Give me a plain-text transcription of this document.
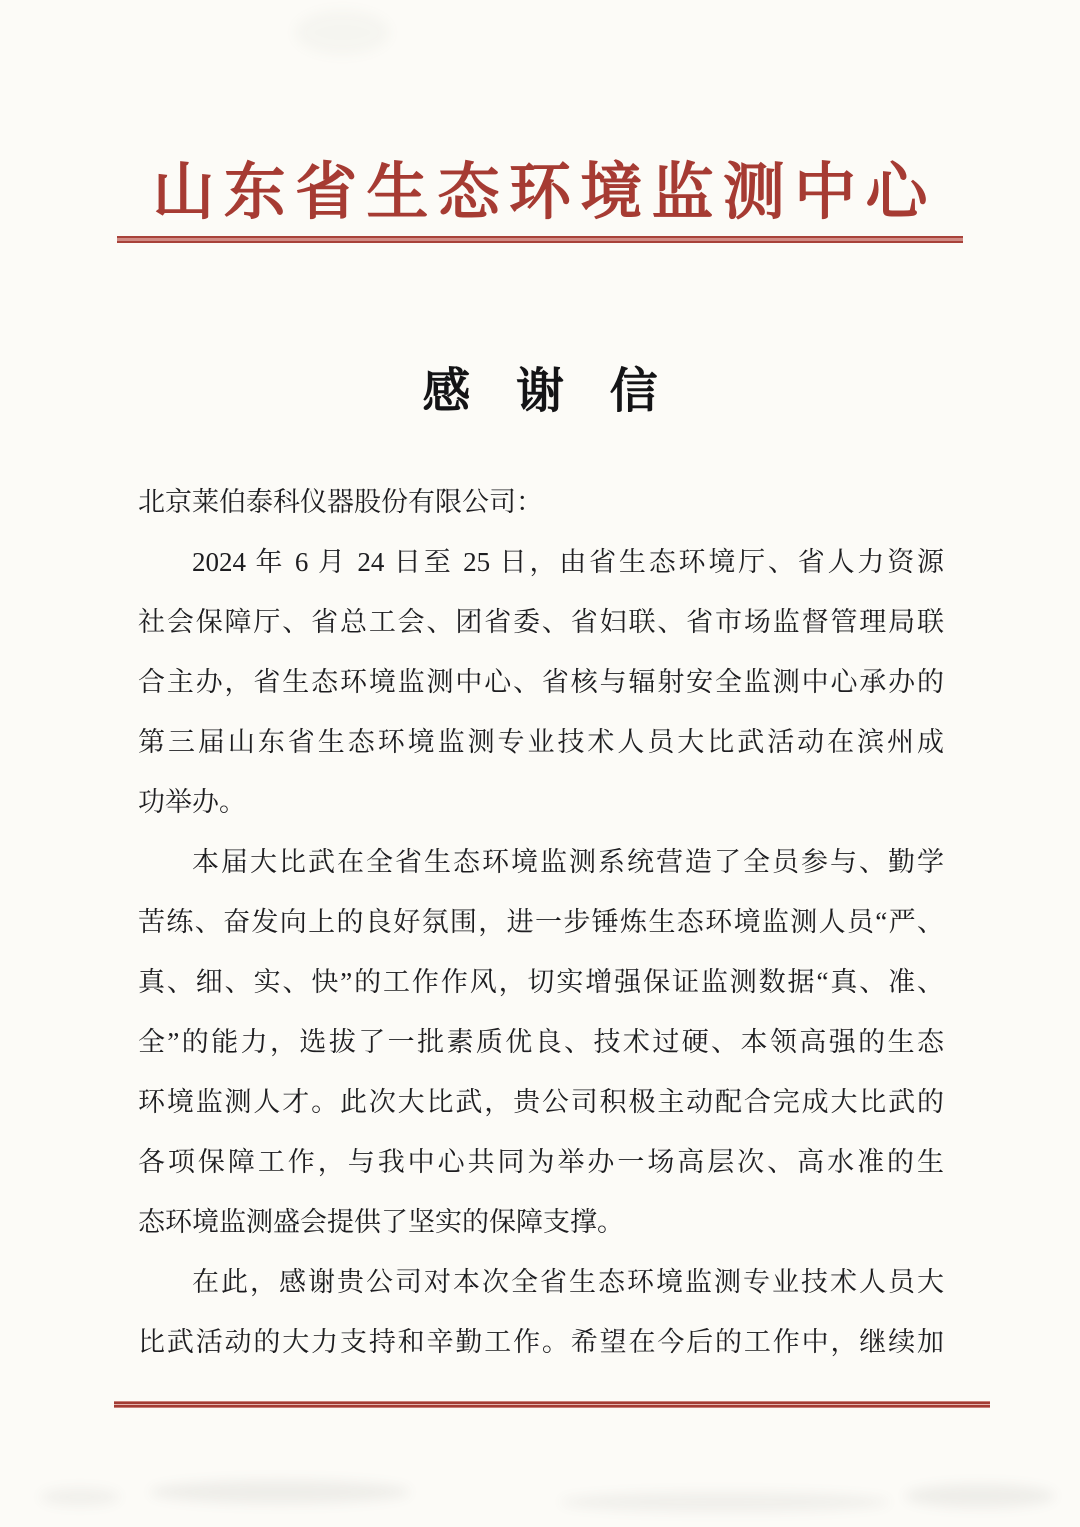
山东省生态环境监测中心
感谢信
北京莱伯泰科仪器股份有限公司：
2024 年 6 月 24 日至 25 日，由省生态环境厅、省人力资源
社会保障厅、省总工会、团省委、省妇联、省市场监督管理局联
合主办，省生态环境监测中心、省核与辐射安全监测中心承办的
第三届山东省生态环境监测专业技术人员大比武活动在滨州成
功举办。
本届大比武在全省生态环境监测系统营造了全员参与、勤学
苦练、奋发向上的良好氛围，进一步锤炼生态环境监测人员“严、
真、细、实、快”的工作作风，切实增强保证监测数据“真、准、
全”的能力，选拔了一批素质优良、技术过硬、本领高强的生态
环境监测人才。此次大比武，贵公司积极主动配合完成大比武的
各项保障工作，与我中心共同为举办一场高层次、高水准的生
态环境监测盛会提供了坚实的保障支撑。
在此，感谢贵公司对本次全省生态环境监测专业技术人员大
比武活动的大力支持和辛勤工作。希望在今后的工作中，继续加
